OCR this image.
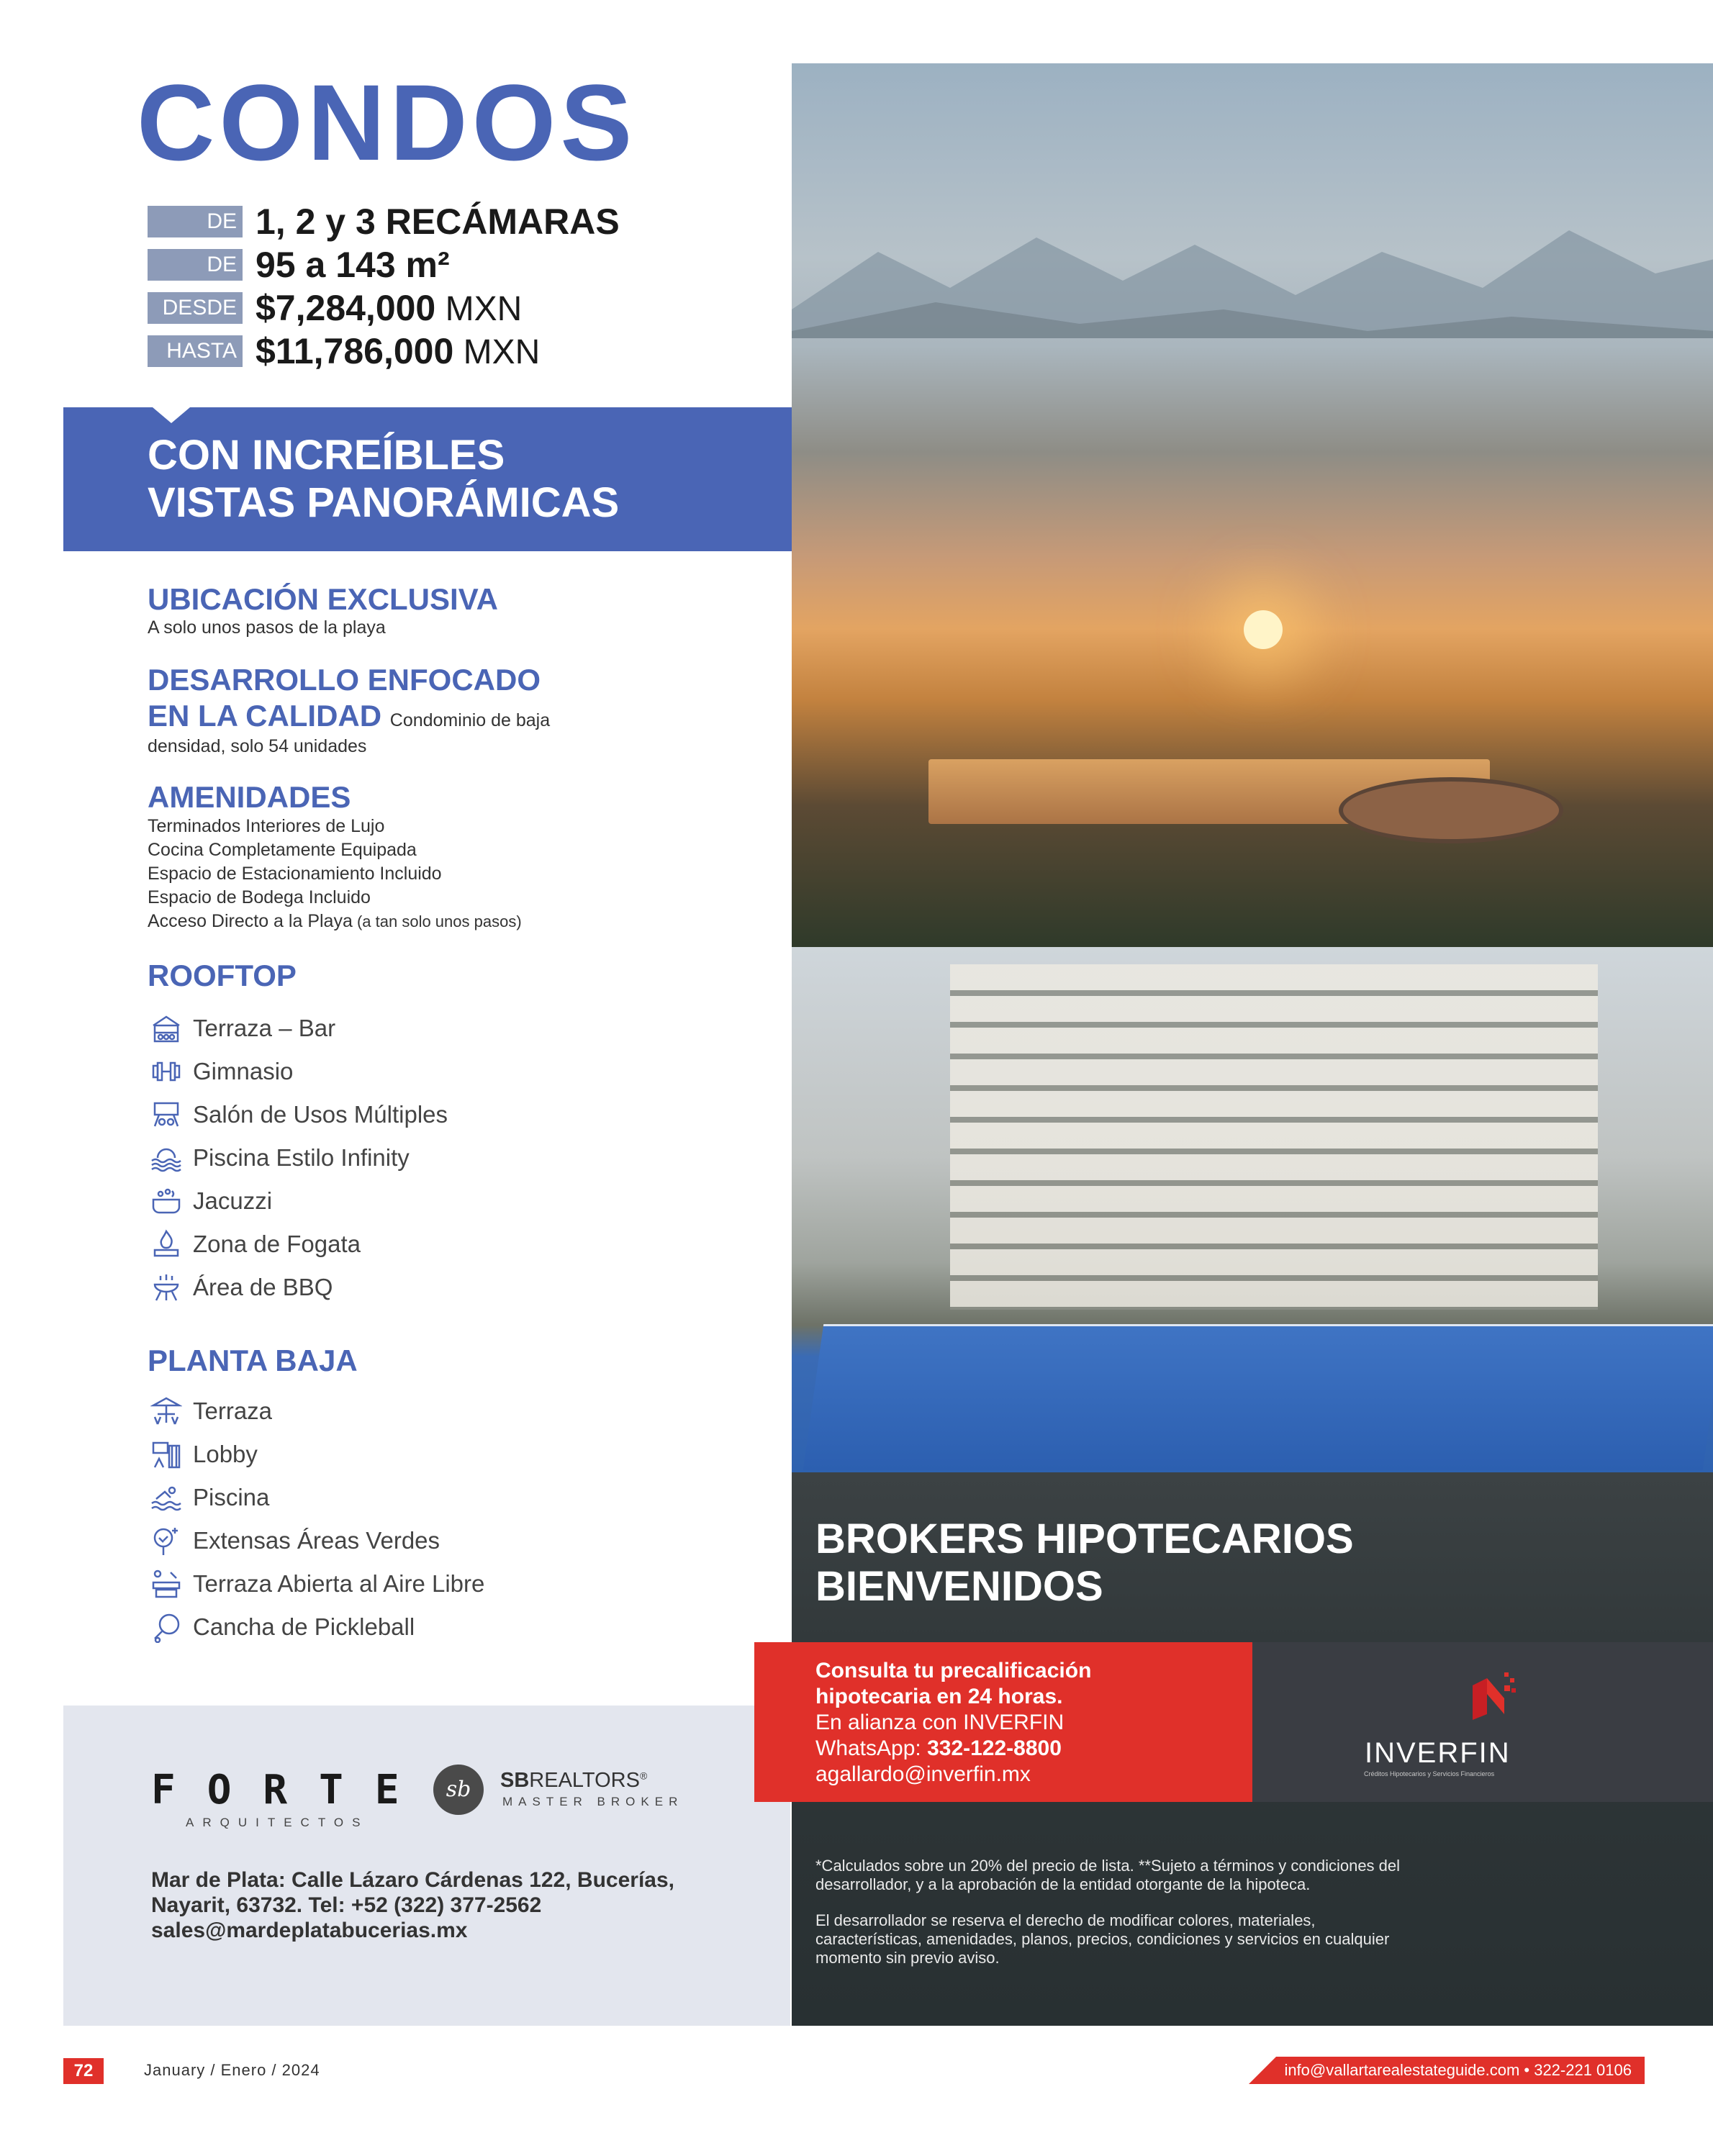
CONDOS
DE 1, 2 y 3 RECÁMARAS
DE 95 a 143 m²
DESDE $7,284,000 MXN
HASTA $11,786,000 MXN
CON INCREÍBLES
VISTAS PANORÁMICAS
UBICACIÓN EXCLUSIVA
A solo unos pasos de la playa
DESARROLLO ENFOCADO
EN LA CALIDAD Condominio de baja
densidad, solo 54 unidades
AMENIDADES
Terminados Interiores de Lujo
Cocina Completamente Equipada
Espacio de Estacionamiento Incluido
Espacio de Bodega Incluido
Acceso Directo a la Playa (a tan solo unos pasos)
ROOFTOP
Terraza – Bar
Gimnasio
Salón de Usos Múltiples
Piscina Estilo Infinity
Jacuzzi
Zona de Fogata
Área de BBQ
PLANTA BAJA
Terraza
Lobby
Piscina
Extensas Áreas Verdes
Terraza Abierta al Aire Libre
Cancha de Pickleball
FORTE
ARQUITECTOS
sb	SBREALTORS®
MASTER BROKER
Mar de Plata: Calle Lázaro Cárdenas 122, Bucerías,
Nayarit, 63732. Tel: +52 (322) 377-2562
sales@mardeplatabucerias.mx
BROKERS HIPOTECARIOS
BIENVENIDOS
Consulta tu precalificación
hipotecaria en 24 horas.
En alianza con INVERFIN
WhatsApp: 332-122-8800
agallardo@inverfin.mx
INVERFIN
Créditos Hipotecarios y Servicios Financieros
*Calculados sobre un 20% del precio de lista. **Sujeto a términos y condiciones del
desarrollador, y a la aprobación de la entidad otorgante de la hipoteca.
El desarrollador se reserva el derecho de modificar colores, materiales,
características, amenidades, planos, precios, condiciones y servicios en cualquier
momento sin previo aviso.
72	January / Enero / 2024	info@vallartarealestateguide.com • 322-221 0106
